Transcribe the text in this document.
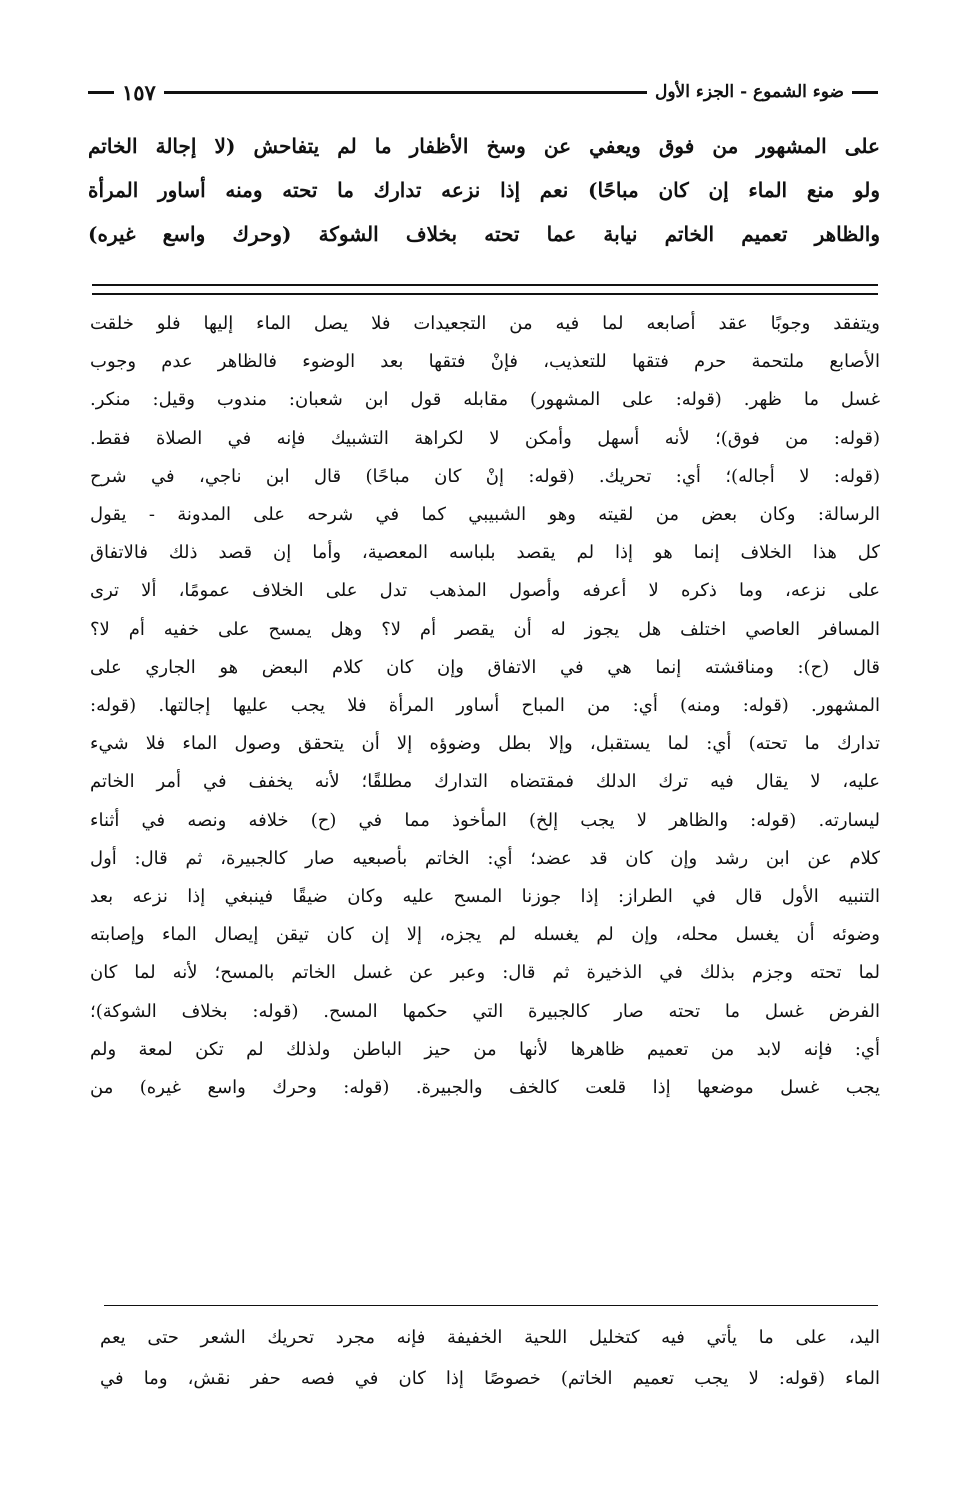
ضوء الشموع - الجزء الأول
١٥٧

على المشهور من فوق ويعفي عن وسخ الأظفار ما لم يتفاحش (لا إجالة الخاتم

ولو منع الماء إن كان مباحًا) نعم إذا نزعه تدارك ما تحته ومنه أساور المرأة

والظاهر تعميم الخاتم نيابة عما تحته بخلاف الشوكة (وحرك واسع غيره)

ويتفقد وجوبًا عقد أصابعه لما فيه من التجعيدات فلا يصل الماء إليها فلو خلقت

الأصابع ملتحمة حرم فتقها للتعذيب، فإنْ فتقها بعد الوضوء فالظاهر عدم وجوب

غسل ما ظهر. (قوله: على المشهور) مقابله قول ابن شعبان: مندوب وقيل: منكر.

(قوله: من فوق)؛ لأنه أسهل وأمكن لا لكراهة التشبيك فإنه في الصلاة فقط.

(قوله: لا أجاله)؛ أي: تحريك. (قوله: إنْ كان مباحًا) قال ابن ناجي، في شرح

الرسالة: وكان بعض من لقيته وهو الشبيبي كما في شرحه على المدونة - يقول

كل هذا الخلاف إنما هو إذا لم يقصد بلباسه المعصية، وأما إن قصد ذلك فالاتفاق

على نزعه، وما ذكره لا أعرفه وأصول المذهب تدل على الخلاف عمومًا، ألا ترى

المسافر العاصي اختلف هل يجوز له أن يقصر أم لا؟ وهل يمسح على خفيه أم لا؟

قال (ح): ومناقشته إنما هي في الاتفاق وإن كان كلام البعض هو الجاري على

المشهور. (قوله: ومنه) أي: من المباح أساور المرأة فلا يجب عليها إجالتها. (قوله:

تدارك ما تحته) أي: لما يستقبل، وإلا بطل وضوؤه إلا أن يتحقق وصول الماء فلا شيء

عليه، لا يقال فيه ترك الدلك فمقتضاه التدارك مطلقًا؛ لأنه يخفف في أمر الخاتم

ليسارته. (قوله: والظاهر لا يجب إلخ) المأخوذ مما في (ح) خلافه ونصه في أثناء

كلام عن ابن رشد وإن كان قد عضد؛ أي: الخاتم بأصبعيه صار كالجبيرة، ثم قال: أول

التنبيه الأول قال في الطراز: إذا جوزنا المسح عليه وكان ضيقًا فينبغي إذا نزعه بعد

وضوئه أن يغسل محله، وإن لم يغسله لم يجزه، إلا إن كان تيقن إيصال الماء وإصابته

لما تحته وجزم بذلك في الذخيرة ثم قال: وعبر عن غسل الخاتم بالمسح؛ لأنه لما كان

الفرض غسل ما تحته صار كالجبيرة التي حكمها المسح. (قوله: بخلاف الشوكة)؛

أي: فإنه لابد من تعميم ظاهرها لأنها من حيز الباطن ولذلك لم تكن لمعة ولم

يجب غسل موضعها إذا قلعت كالخف والجبيرة. (قوله: وحرك واسع غيره) من

اليد، على ما يأتي فيه كتخليل اللحية الخفيفة فإنه مجرد تحريك الشعر حتى يعم

الماء (قوله: لا يجب تعميم الخاتم) خصوصًا إذا كان في فصه حفر نقش، وما في
